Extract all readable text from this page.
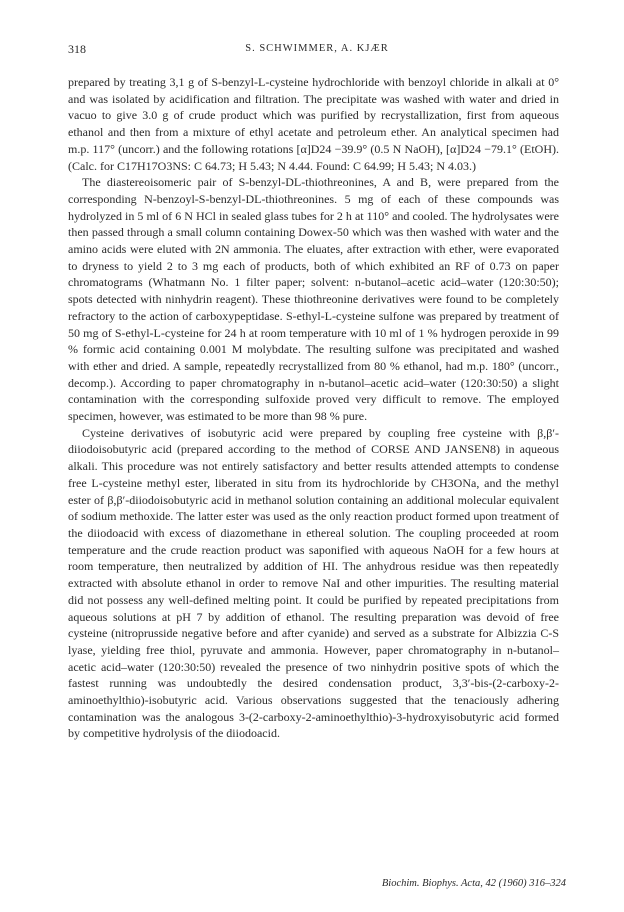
318	S. SCHWIMMER, A. KJÆR

prepared by treating 3,1 g of S-benzyl-L-cysteine hydrochloride with benzoyl chloride in alkali at 0° and was isolated by acidification and filtration. The precipitate was washed with water and dried in vacuo to give 3.0 g of crude product which was purified by recrystallization, first from aqueous ethanol and then from a mixture of ethyl acetate and petroleum ether. An analytical specimen had m.p. 117° (uncorr.) and the following rotations [α]D24 −39.9° (0.5 N NaOH), [α]D24 −79.1° (EtOH). (Calc. for C17H17O3NS: C 64.73; H 5.43; N 4.44. Found: C 64.99; H 5.43; N 4.03.)

The diastereoisomeric pair of S-benzyl-DL-thiothreonines, A and B, were prepared from the corresponding N-benzoyl-S-benzyl-DL-thiothreonines. 5 mg of each of these compounds was hydrolyzed in 5 ml of 6 N HCl in sealed glass tubes for 2 h at 110° and cooled. The hydrolysates were then passed through a small column containing Dowex-50 which was then washed with water and the amino acids were eluted with 2N ammonia. The eluates, after extraction with ether, were evaporated to dryness to yield 2 to 3 mg each of products, both of which exhibited an RF of 0.73 on paper chromatograms (Whatmann No. 1 filter paper; solvent: n-butanol–acetic acid–water (120:30:50); spots detected with ninhydrin reagent). These thiothreonine derivatives were found to be completely refractory to the action of carboxypeptidase. S-ethyl-L-cysteine sulfone was prepared by treatment of 50 mg of S-ethyl-L-cysteine for 24 h at room temperature with 10 ml of 1 % hydrogen peroxide in 99 % formic acid containing 0.001 M molybdate. The resulting sulfone was precipitated and washed with ether and dried. A sample, repeatedly recrystallized from 80 % ethanol, had m.p. 180° (uncorr., decomp.). According to paper chromatography in n-butanol–acetic acid–water (120:30:50) a slight contamination with the corresponding sulfoxide proved very difficult to remove. The employed specimen, however, was estimated to be more than 98 % pure.

Cysteine derivatives of isobutyric acid were prepared by coupling free cysteine with β,β′-diiodoisobutyric acid (prepared according to the method of CORSE AND JANSEN8) in aqueous alkali. This procedure was not entirely satisfactory and better results attended attempts to condense free L-cysteine methyl ester, liberated in situ from its hydrochloride by CH3ONa, and the methyl ester of β,β′-diiodoisobutyric acid in methanol solution containing an additional molecular equivalent of sodium methoxide. The latter ester was used as the only reaction product formed upon treatment of the diiodoacid with excess of diazomethane in ethereal solution. The coupling proceeded at room temperature and the crude reaction product was saponified with aqueous NaOH for a few hours at room temperature, then neutralized by addition of HI. The anhydrous residue was then repeatedly extracted with absolute ethanol in order to remove NaI and other impurities. The resulting material did not possess any well-defined melting point. It could be purified by repeated precipitations from aqueous solutions at pH 7 by addition of ethanol. The resulting preparation was devoid of free cysteine (nitroprusside negative before and after cyanide) and served as a substrate for Albizzia C-S lyase, yielding free thiol, pyruvate and ammonia. However, paper chromatography in n-butanol–acetic acid–water (120:30:50) revealed the presence of two ninhydrin positive spots of which the fastest running was undoubtedly the desired condensation product, 3,3′-bis-(2-carboxy-2-aminoethylthio)-isobutyric acid. Various observations suggested that the tenaciously adhering contamination was the analogous 3-(2-carboxy-2-aminoethylthio)-3-hydroxyisobutyric acid formed by competitive hydrolysis of the diiodoacid.

Biochim. Biophys. Acta, 42 (1960) 316–324
